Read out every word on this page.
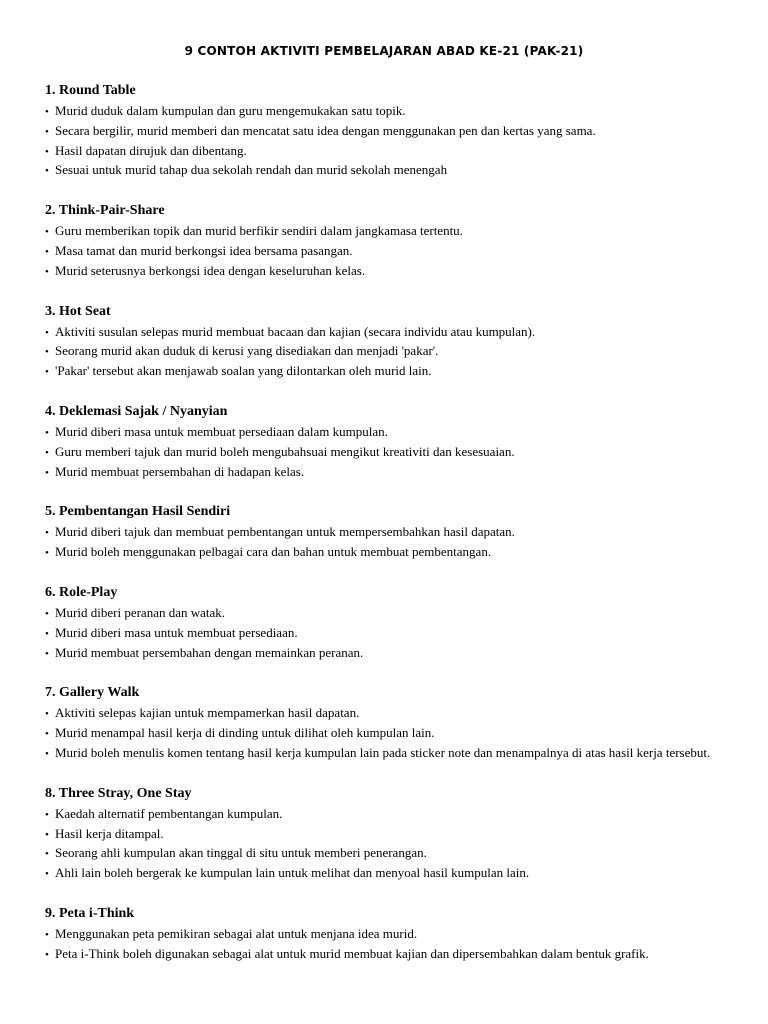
9 CONTOH AKTIVITI PEMBELAJARAN ABAD KE-21 (PAK-21)
1. Round Table
• Murid duduk dalam kumpulan dan guru mengemukakan satu topik.
• Secara bergilir, murid memberi dan mencatat satu idea dengan menggunakan pen dan kertas yang sama.
• Hasil dapatan dirujuk dan dibentang.
• Sesuai untuk murid tahap dua sekolah rendah dan murid sekolah menengah
2. Think-Pair-Share
• Guru memberikan topik dan murid berfikir sendiri dalam jangkamasa tertentu.
• Masa tamat dan murid berkongsi idea bersama pasangan.
• Murid seterusnya berkongsi idea dengan keseluruhan kelas.
3. Hot Seat
• Aktiviti susulan selepas murid membuat bacaan dan kajian (secara individu atau kumpulan).
• Seorang murid akan duduk di kerusi yang disediakan dan menjadi 'pakar'.
• 'Pakar' tersebut akan menjawab soalan yang dilontarkan oleh murid lain.
4. Deklemasi Sajak / Nyanyian
• Murid diberi masa untuk membuat persediaan dalam kumpulan.
• Guru memberi tajuk dan murid boleh mengubahsuai mengikut kreativiti dan kesesuaian.
• Murid membuat persembahan di hadapan kelas.
5. Pembentangan Hasil Sendiri
• Murid diberi tajuk dan membuat pembentangan untuk mempersembahkan hasil dapatan.
• Murid boleh menggunakan pelbagai cara dan bahan untuk membuat pembentangan.
6. Role-Play
• Murid diberi peranan dan watak.
• Murid diberi masa untuk membuat persediaan.
• Murid membuat persembahan dengan memainkan peranan.
7. Gallery Walk
• Aktiviti selepas kajian untuk mempamerkan hasil dapatan.
• Murid menampal hasil kerja di dinding untuk dilihat oleh kumpulan lain.
• Murid boleh menulis komen tentang hasil kerja kumpulan lain pada sticker note dan menampalnya di atas hasil kerja tersebut.
8. Three Stray, One Stay
• Kaedah alternatif pembentangan kumpulan.
• Hasil kerja ditampal.
• Seorang ahli kumpulan akan tinggal di situ untuk memberi penerangan.
• Ahli lain boleh bergerak ke kumpulan lain untuk melihat dan menyoal hasil kumpulan lain.
9. Peta i-Think
• Menggunakan peta pemikiran sebagai alat untuk menjana idea murid.
• Peta i-Think boleh digunakan sebagai alat untuk murid membuat kajian dan dipersembahkan dalam bentuk grafik.
